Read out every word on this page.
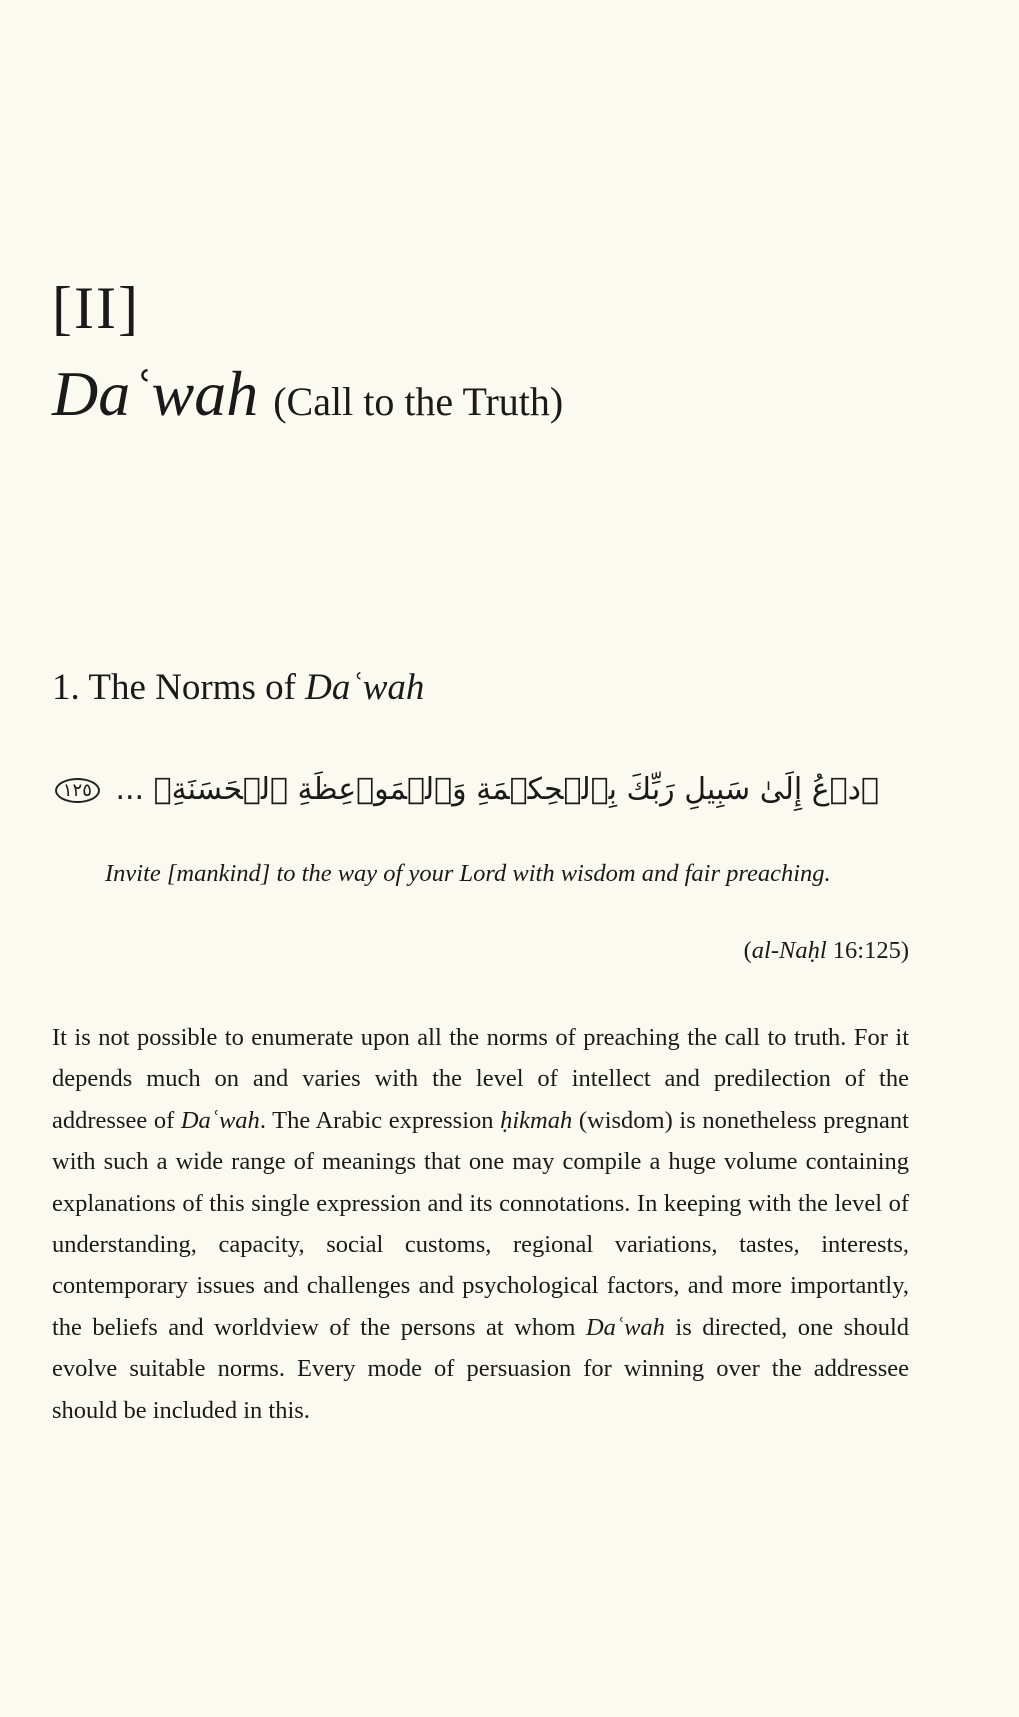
[II]
Daʿwah (Call to the Truth)
1. The Norms of Daʿwah
ٱدۡعُ إِلَىٰ سَبِيلِ رَبِّكَ بِٱلۡحِكۡمَةِ وَٱلۡمَوۡعِظَةِ ٱلۡحَسَنَةِۖ ... ١٢٥
Invite [mankind] to the way of your Lord with wisdom and fair preaching.
(al-Naḥl 16:125)
It is not possible to enumerate upon all the norms of preaching the call to truth. For it depends much on and varies with the level of intellect and predilection of the addressee of Daʿwah. The Arabic expression ḥikmah (wisdom) is nonetheless pregnant with such a wide range of meanings that one may compile a huge volume containing explanations of this single expression and its connotations. In keeping with the level of understanding, capacity, social customs, regional variations, tastes, interests, contemporary issues and challenges and psychological factors, and more importantly, the beliefs and worldview of the persons at whom Daʿwah is directed, one should evolve suitable norms. Every mode of persuasion for winning over the addressee should be included in this.
